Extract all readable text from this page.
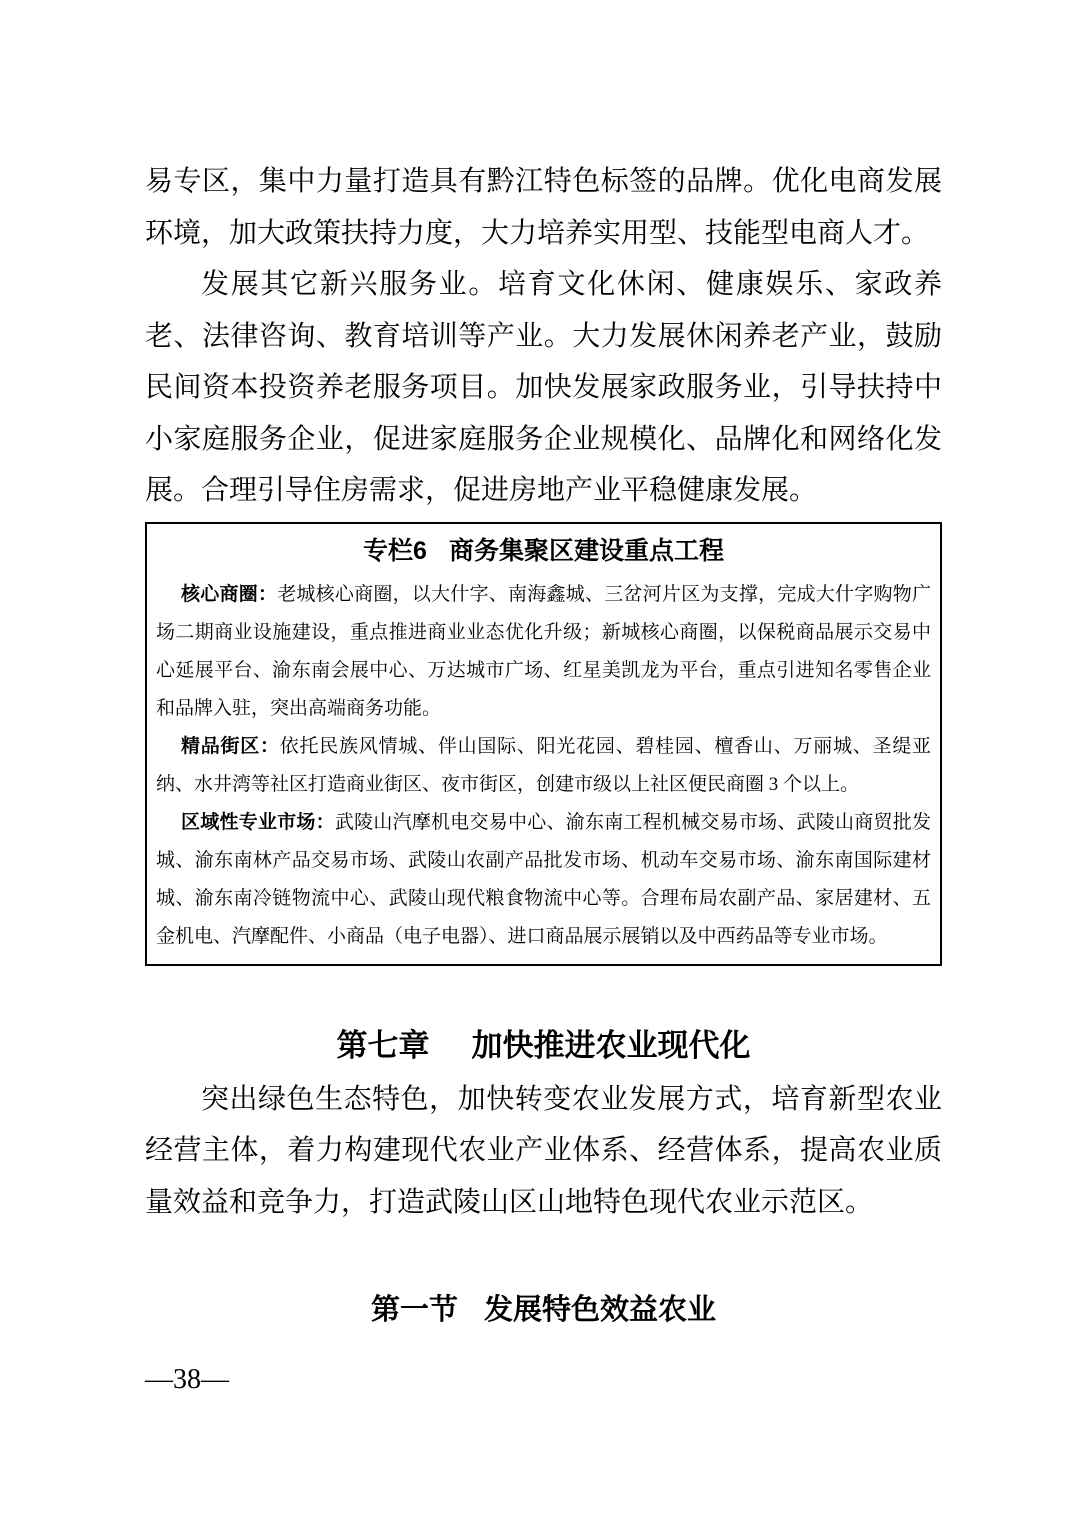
易专区，集中力量打造具有黔江特色标签的品牌。优化电商发展环境，加大政策扶持力度，大力培养实用型、技能型电商人才。

发展其它新兴服务业。培育文化休闲、健康娱乐、家政养老、法律咨询、教育培训等产业。大力发展休闲养老产业，鼓励民间资本投资养老服务项目。加快发展家政服务业，引导扶持中小家庭服务企业，促进家庭服务企业规模化、品牌化和网络化发展。合理引导住房需求，促进房地产业平稳健康发展。

专栏6 商务集聚区建设重点工程

核心商圈：老城核心商圈，以大什字、南海鑫城、三岔河片区为支撑，完成大什字购物广场二期商业设施建设，重点推进商业业态优化升级；新城核心商圈，以保税商品展示交易中心延展平台、渝东南会展中心、万达城市广场、红星美凯龙为平台，重点引进知名零售企业和品牌入驻，突出高端商务功能。

精品街区：依托民族风情城、伴山国际、阳光花园、碧桂园、檀香山、万丽城、圣缇亚纳、水井湾等社区打造商业街区、夜市街区，创建市级以上社区便民商圈 3 个以上。

区域性专业市场：武陵山汽摩机电交易中心、渝东南工程机械交易市场、武陵山商贸批发城、渝东南林产品交易市场、武陵山农副产品批发市场、机动车交易市场、渝东南国际建材城、渝东南冷链物流中心、武陵山现代粮食物流中心等。合理布局农副产品、家居建材、五金机电、汽摩配件、小商品（电子电器）、进口商品展示展销以及中西药品等专业市场。

第七章 加快推进农业现代化

突出绿色生态特色，加快转变农业发展方式，培育新型农业经营主体，着力构建现代农业产业体系、经营体系，提高农业质量效益和竞争力，打造武陵山区山地特色现代农业示范区。

第一节 发展特色效益农业
—38—
